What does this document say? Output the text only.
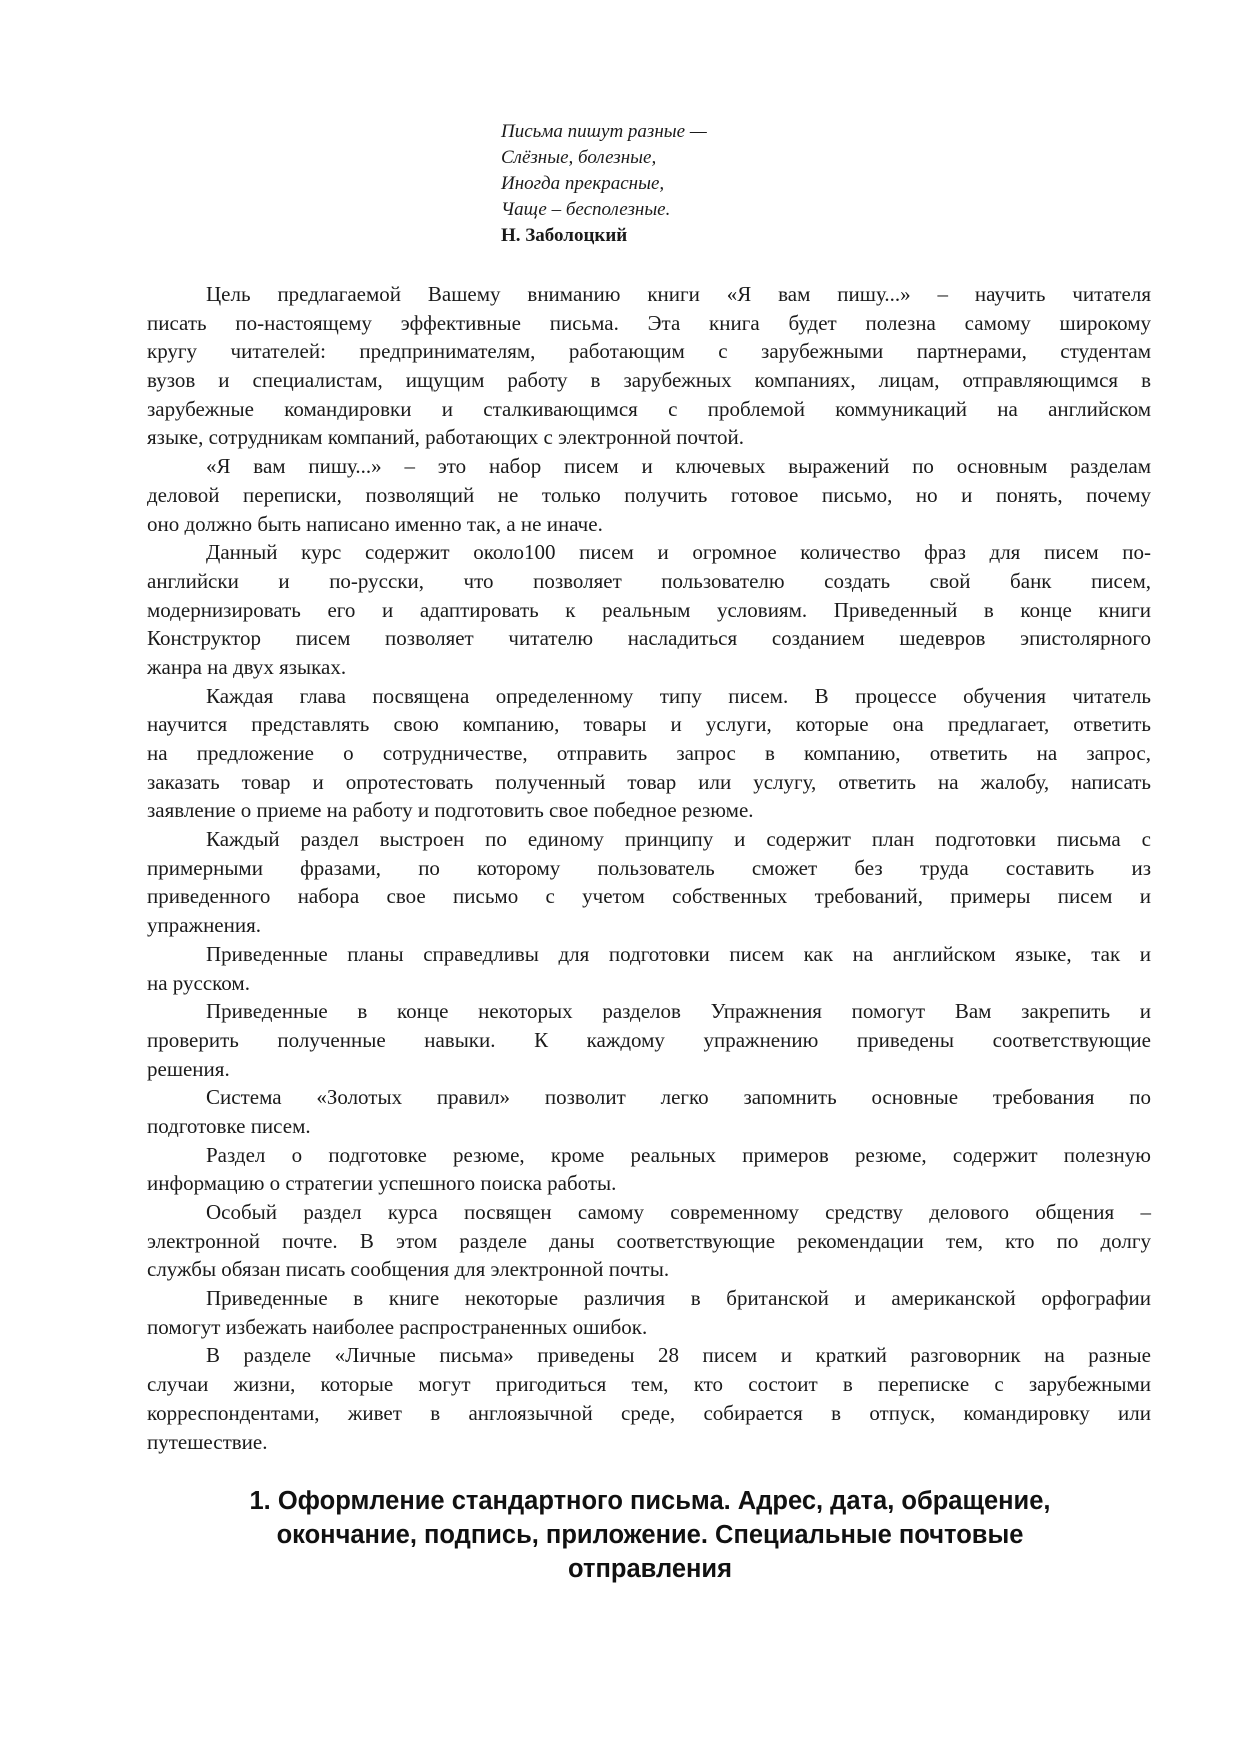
Письма пишут разные —
Слёзные, болезные,
Иногда прекрасные,
Чаще – бесполезные.
Н. Заболоцкий
Цель предлагаемой Вашему вниманию книги «Я вам пишу...» – научить читателя
писать по-настоящему эффективные письма. Эта книга будет полезна самому широкому
кругу читателей: предпринимателям, работающим с зарубежными партнерами, студентам
вузов и специалистам, ищущим работу в зарубежных компаниях, лицам, отправляющимся в
зарубежные командировки и сталкивающимся с проблемой коммуникаций на английском
языке, сотрудникам компаний, работающих с электронной почтой.
«Я вам пишу...» – это набор писем и ключевых выражений по основным разделам
деловой переписки, позволящий не только получить готовое письмо, но и понять, почему
оно должно быть написано именно так, а не иначе.
Данный курс содержит около100 писем и огромное количество фраз для писем по-
английски и по-русски, что позволяет пользователю создать свой банк писем,
модернизировать его и адаптировать к реальным условиям. Приведенный в конце книги
Конструктор писем позволяет читателю насладиться созданием шедевров эпистолярного
жанра на двух языках.
Каждая глава посвящена определенному типу писем. В процессе обучения читатель
научится представлять свою компанию, товары и услуги, которые она предлагает, ответить
на предложение о сотрудничестве, отправить запрос в компанию, ответить на запрос,
заказать товар и опротестовать полученный товар или услугу, ответить на жалобу, написать
заявление о приеме на работу и подготовить свое победное резюме.
Каждый раздел выстроен по единому принципу и содержит план подготовки письма с
примерными фразами, по которому пользователь сможет без труда составить из
приведенного набора свое письмо с учетом собственных требований, примеры писем и
упражнения.
Приведенные планы справедливы для подготовки писем как на английском языке, так и
на русском.
Приведенные в конце некоторых разделов Упражнения помогут Вам закрепить и
проверить полученные навыки. К каждому упражнению приведены соответствующие
решения.
Система «Золотых правил» позволит легко запомнить основные требования по
подготовке писем.
Раздел о подготовке резюме, кроме реальных примеров резюме, содержит полезную
информацию о стратегии успешного поиска работы.
Особый раздел курса посвящен самому современному средству делового общения –
электронной почте. В этом разделе даны соответствующие рекомендации тем, кто по долгу
службы обязан писать сообщения для электронной почты.
Приведенные в книге некоторые различия в британской и американской орфографии
помогут избежать наиболее распространенных ошибок.
В разделе «Личные письма» приведены 28 писем и краткий разговорник на разные
случаи жизни, которые могут пригодиться тем, кто состоит в переписке с зарубежными
корреспондентами, живет в англоязычной среде, собирается в отпуск, командировку или
путешествие.
1. Оформление стандартного письма. Адрес, дата, обращение,
окончание, подпись, приложение. Специальные почтовые
отправления
